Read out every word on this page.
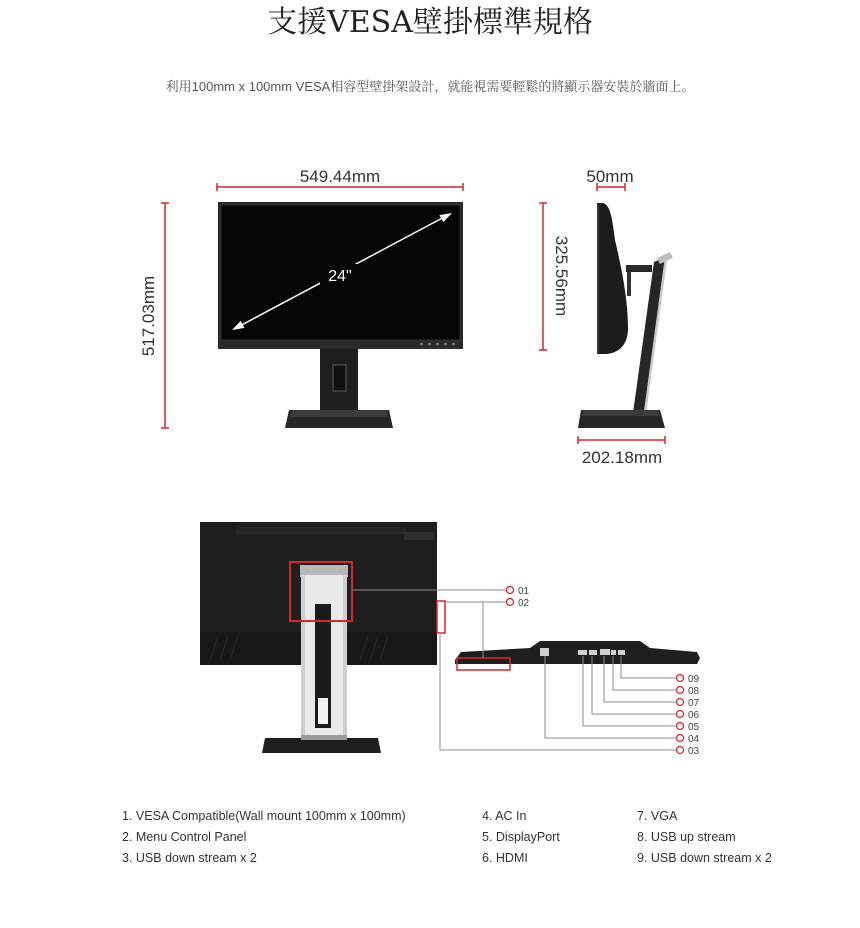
支援VESA壁掛標準規格
利用100mm x 100mm VESA相容型壁掛架設計，就能視需要輕鬆的將顯示器安裝於牆面上。
549.44mm
517.03mm	24"
50mm
325.56mm
202.18mm
01
02
09
08
07
06
05
04
03
1. VESA Compatible(Wall mount 100mm x 100mm)
2. Menu Control Panel
3. USB down stream x 2
4. AC In
5. DisplayPort
6. HDMI
7. VGA
8. USB up stream
9. USB down stream x 2
